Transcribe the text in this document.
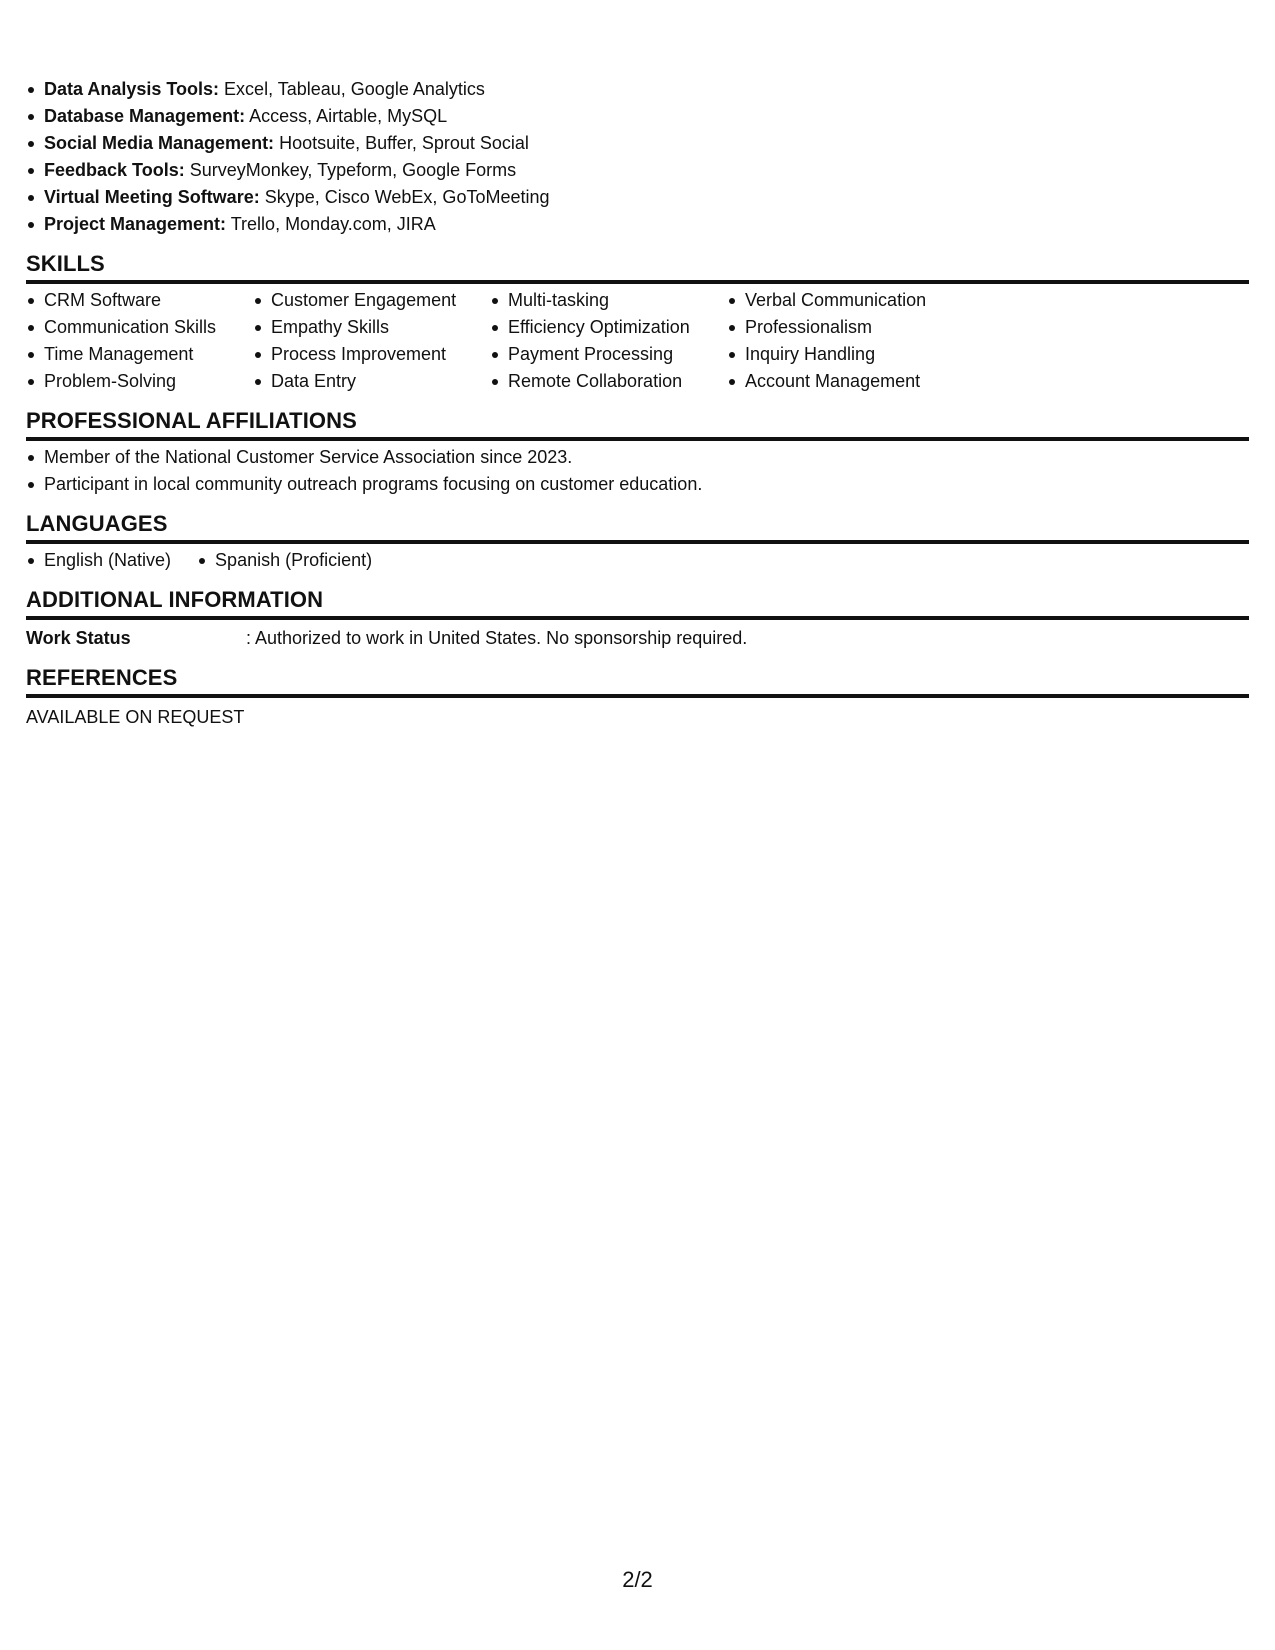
Data Analysis Tools: Excel, Tableau, Google Analytics
Database Management: Access, Airtable, MySQL
Social Media Management: Hootsuite, Buffer, Sprout Social
Feedback Tools: SurveyMonkey, Typeform, Google Forms
Virtual Meeting Software: Skype, Cisco WebEx, GoToMeeting
Project Management: Trello, Monday.com, JIRA
SKILLS
CRM Software
Communication Skills
Time Management
Problem-Solving
Customer Engagement
Empathy Skills
Process Improvement
Data Entry
Multi-tasking
Efficiency Optimization
Payment Processing
Remote Collaboration
Verbal Communication
Professionalism
Inquiry Handling
Account Management
PROFESSIONAL AFFILIATIONS
Member of the National Customer Service Association since 2023.
Participant in local community outreach programs focusing on customer education.
LANGUAGES
English (Native)	Spanish (Proficient)
ADDITIONAL INFORMATION
Work Status	: Authorized to work in United States. No sponsorship required.
REFERENCES
AVAILABLE ON REQUEST
2/2
